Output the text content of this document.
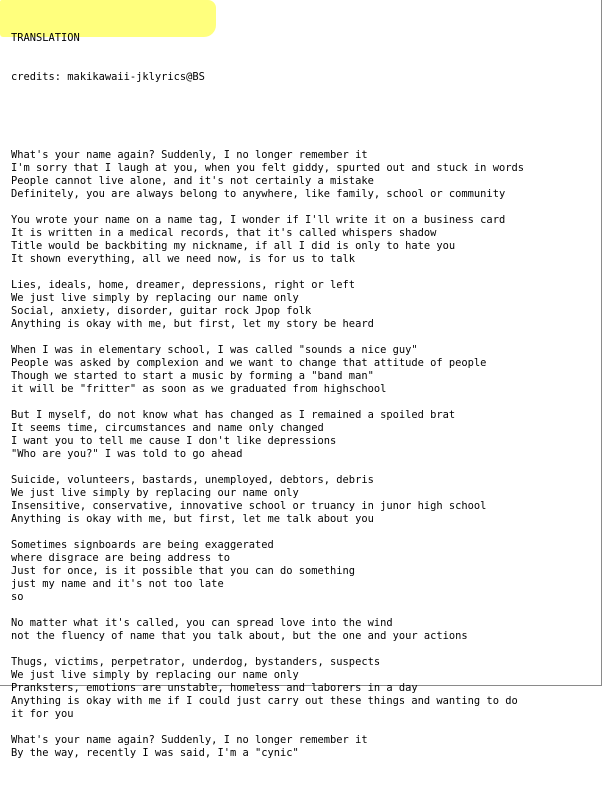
TRANSLATION

credits: makikawaii-jklyrics@BS

What's your name again? Suddenly, I no longer remember it
I'm sorry that I laugh at you, when you felt giddy, spurted out and stuck in words
People cannot live alone, and it's not certainly a mistake
Definitely, you are always belong to anywhere, like family, school or community
You wrote your name on a name tag, I wonder if I'll write it on a business card
It is written in a medical records, that it's called whispers shadow
Title would be backbiting my nickname, if all I did is only to hate you
It shown everything, all we need now, is for us to talk
Lies, ideals, home, dreamer, depressions, right or left
We just live simply by replacing our name only
Social, anxiety, disorder, guitar rock Jpop folk
Anything is okay with me, but first, let my story be heard
When I was in elementary school, I was called "sounds a nice guy"
People was asked by complexion and we want to change that attitude of people
Though we started to start a music by forming a "band man"
it will be "fritter" as soon as we graduated from highschool
But I myself, do not know what has changed as I remained a spoiled brat
It seems time, circumstances and name only changed
I want you to tell me cause I don't like depressions
"Who are you?" I was told to go ahead
Suicide, volunteers, bastards, unemployed, debtors, debris
We just live simply by replacing our name only
Insensitive, conservative, innovative school or truancy in junor high school
Anything is okay with me, but first, let me talk about you
Sometimes signboards are being exaggerated
where disgrace are being address to
Just for once, is it possible that you can do something
just my name and it's not too late
so
No matter what it's called, you can spread love into the wind
not the fluency of name that you talk about, but the one and your actions
Thugs, victims, perpetrator, underdog, bystanders, suspects
We just live simply by replacing our name only
Pranksters, emotions are unstable, homeless and laborers in a day
Anything is okay with me if I could just carry out these things and wanting to do
it for you
What's your name again? Suddenly, I no longer remember it
By the way, recently I was said, I'm a "cynic"
